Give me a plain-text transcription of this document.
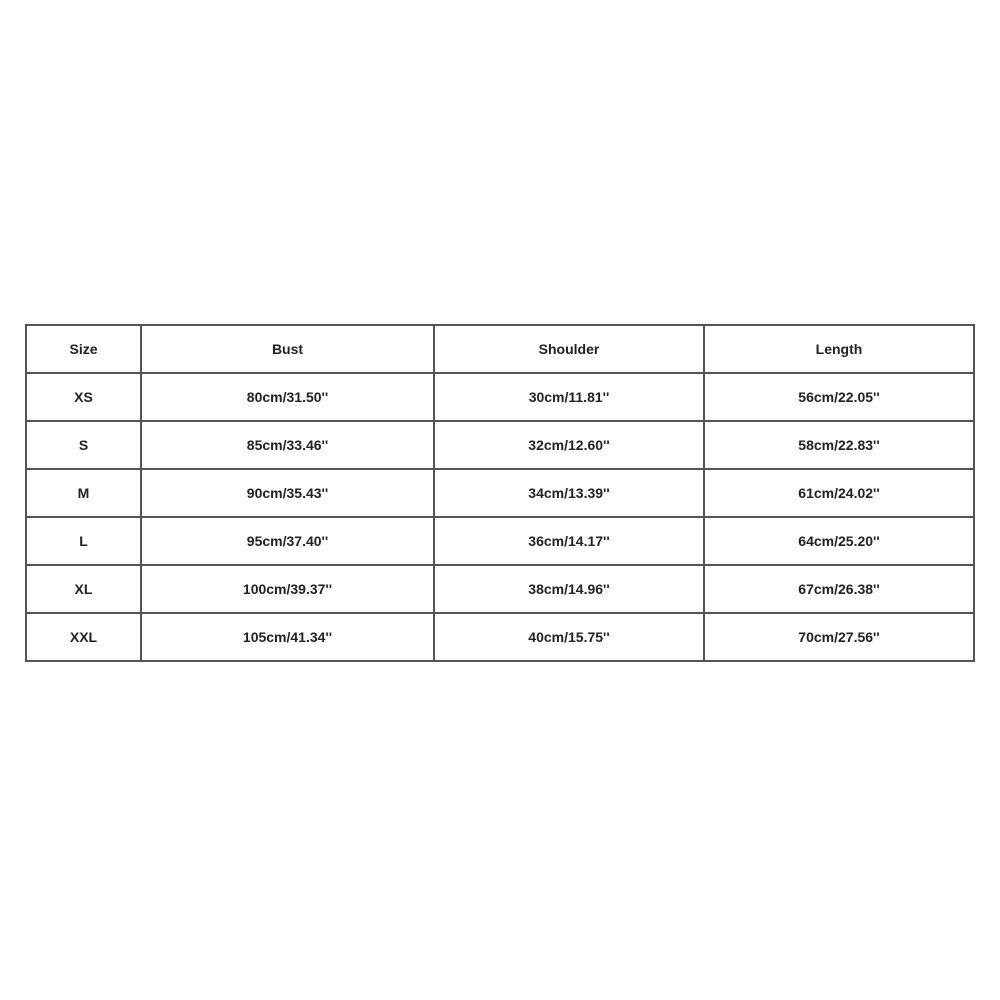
Size	Bust	Shoulder	Length
XS	80cm/31.50''	30cm/11.81''	56cm/22.05''
S	85cm/33.46''	32cm/12.60''	58cm/22.83''
M	90cm/35.43''	34cm/13.39''	61cm/24.02''
L	95cm/37.40''	36cm/14.17''	64cm/25.20''
XL	100cm/39.37''	38cm/14.96''	67cm/26.38''
XXL	105cm/41.34''	40cm/15.75''	70cm/27.56''
